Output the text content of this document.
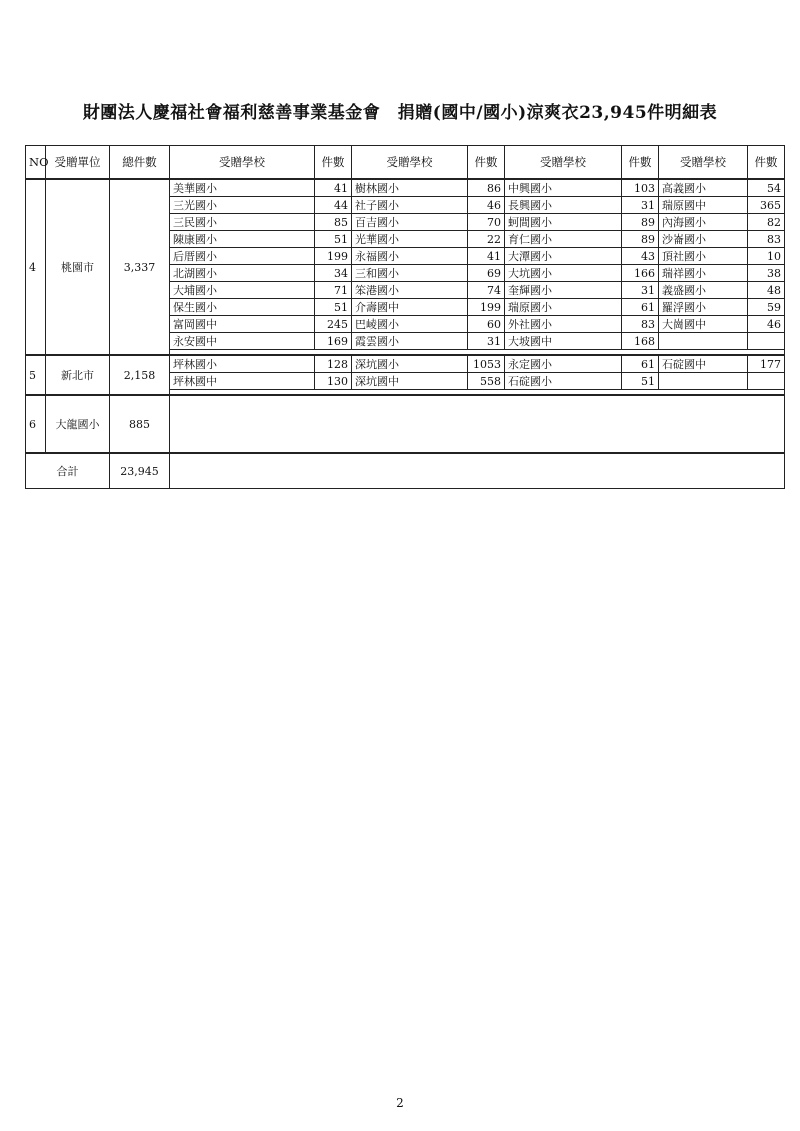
財團法人慶福社會福利慈善事業基金會　捐贈(國中/國小)涼爽衣23,945件明細表
NO	受贈單位	總件數	受贈學校	件數	受贈學校	件數	受贈學校	件數	受贈學校	件數
4	桃園市	3,337	美華國小	41	樹林國小	86	中興國小	103	高義國小	54
			三光國小	44	社子國小	46	長興國小	31	瑞原國中	365
			三民國小	85	百吉國小	70	蚵間國小	89	內海國小	82
			陳康國小	51	光華國小	22	育仁國小	89	沙崙國小	83
			后厝國小	199	永福國小	41	大潭國小	43	頂社國小	10
			北湖國小	34	三和國小	69	大坑國小	166	瑞祥國小	38
			大埔國小	71	笨港國小	74	奎輝國小	31	義盛國小	48
			保生國小	51	介壽國中	199	瑞原國小	61	羅浮國小	59
			富岡國中	245	巴崚國小	60	外社國小	83	大崗國中	46
			永安國中	169	霞雲國小	31	大坡國中	168		

5	新北市	2,158	坪林國小	128	深坑國小	1053	永定國小	61	石碇國中	177
			坪林國中	130	深坑國中	558	石碇國小	51		

6	大龍國小	885								
合計		23,945								
2
